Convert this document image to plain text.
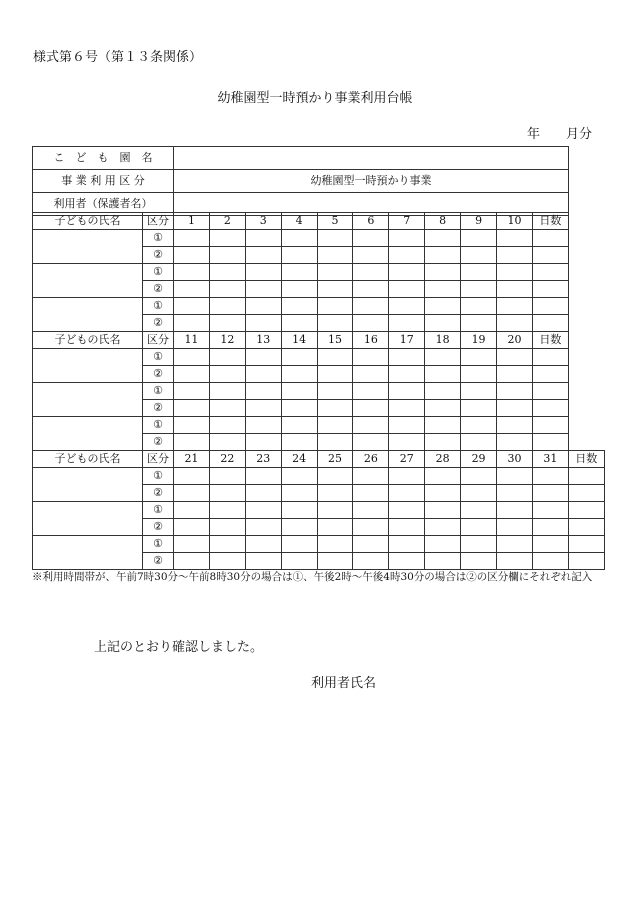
様式第６号（第１３条関係）
幼稚園型一時預かり事業利用台帳
年 月分
こ　ど　も　園　名	
事 業 利 用 区 分	幼稚園型一時預かり事業
利用者（保護者名）	
子どもの氏名	区分	1	2	3	4	5	6	7	8	9	10	日数
	①											
	②											
	①											
	②											
	①											
	②											
子どもの氏名	区分	11	12	13	14	15	16	17	18	19	20	日数
	①											
	②											
	①											
	②											
	①											
	②											
子どもの氏名	区分	21	22	23	24	25	26	27	28	29	30	31	日数
	①												
	②												
	①												
	②												
	①												
	②												
※利用時間帯が、午前7時30分～午前8時30分の場合は①、午後2時～午後4時30分の場合は②の区分欄にそれぞれ記入
上記のとおり確認しました。
利用者氏名
